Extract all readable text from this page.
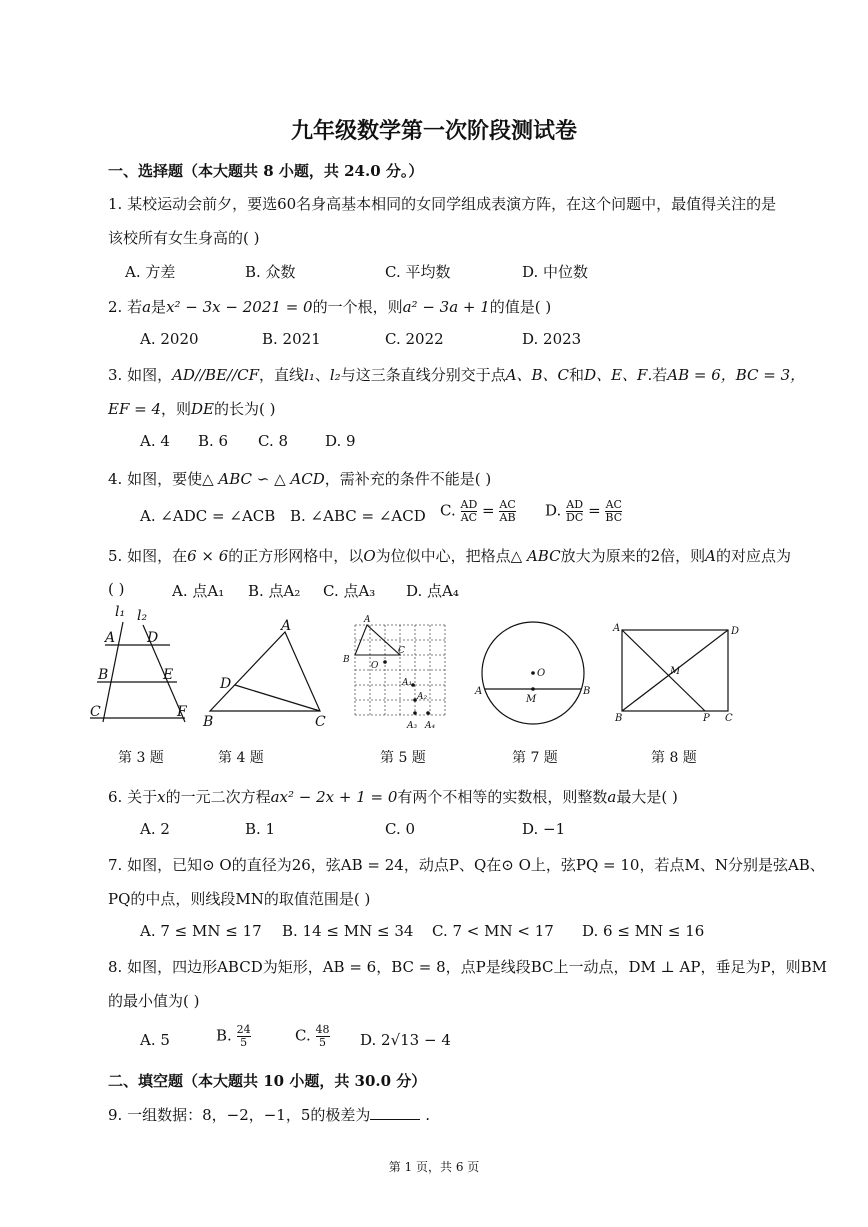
九年级数学第一次阶段测试卷
一、选择题（本大题共 8 小题，共 24.0 分。）
1. 某校运动会前夕，要选60名身高基本相同的女同学组成表演方阵，在这个问题中，最值得关注的是
该校所有女生身高的( )
A. 方差	B. 众数	C. 平均数	D. 中位数
2. 若a是x² − 3x − 2021 = 0的一个根，则a² − 3a + 1的值是( )
A. 2020	B. 2021	C. 2022	D. 2023
3. 如图，AD//BE//CF，直线l₁、l₂与这三条直线分别交于点A、B、C和D、E、F.若AB = 6，BC = 3，
EF = 4，则DE的长为( )
A. 4 B. 6 C. 8 D. 9
4. 如图，要使△ ABC ∽ △ ACD，需补充的条件不能是( )
A. ∠ADC = ∠ACB B. ∠ABC = ∠ACD C. $\frac{AD}{AC} = \frac{AC}{AB} D$. $\frac{AD}{DC} = \frac{AC}{BC}$
5. 如图，在6 × 6的正方形网格中，以O为位似中心，把格点△ ABC放大为原来的2倍，则A的对应点为
( )	A. 点A₁ B. 点A₂ C. 点A₃ D. 点A₄
l₁ l₂
A D
B	E
C	F
A
D
B	C
A
B
C
O
A₁
A₂
A₃ A₄
O
A	B
M
A	D
M
B	P C
第 3 题	第 4 题	第 5 题	第 7 题	第 8 题
6. 关于x的一元二次方程ax² − 2x + 1 = 0有两个不相等的实数根，则整数a最大是( )
A. 2	B. 1	C. 0	D. −1
7. 如图，已知⊙ O的直径为26，弦AB = 24，动点P、Q在⊙ O上，弦PQ = 10，若点M、N分别是弦AB、
PQ的中点，则线段MN的取值范围是( )
A. 7 ≤ MN ≤ 17 B. 14 ≤ MN ≤ 34 C. 7 < MN < 17 D. 6 ≤ MN ≤ 16
8. 如图，四边形ABCD为矩形，AB = 6，BC = 8，点P是线段BC上一动点，DM ⊥ AP，垂足为P，则BM
的最小值为( )
A. 5	B. $\frac{24}{5}$	C. $\frac{48}{5} D$. 2√13 − 4
二、填空题（本大题共 10 小题，共 30.0 分）
9. 一组数据：8，−2，−1，5的极差为	.
第 1 页，共 6 页
